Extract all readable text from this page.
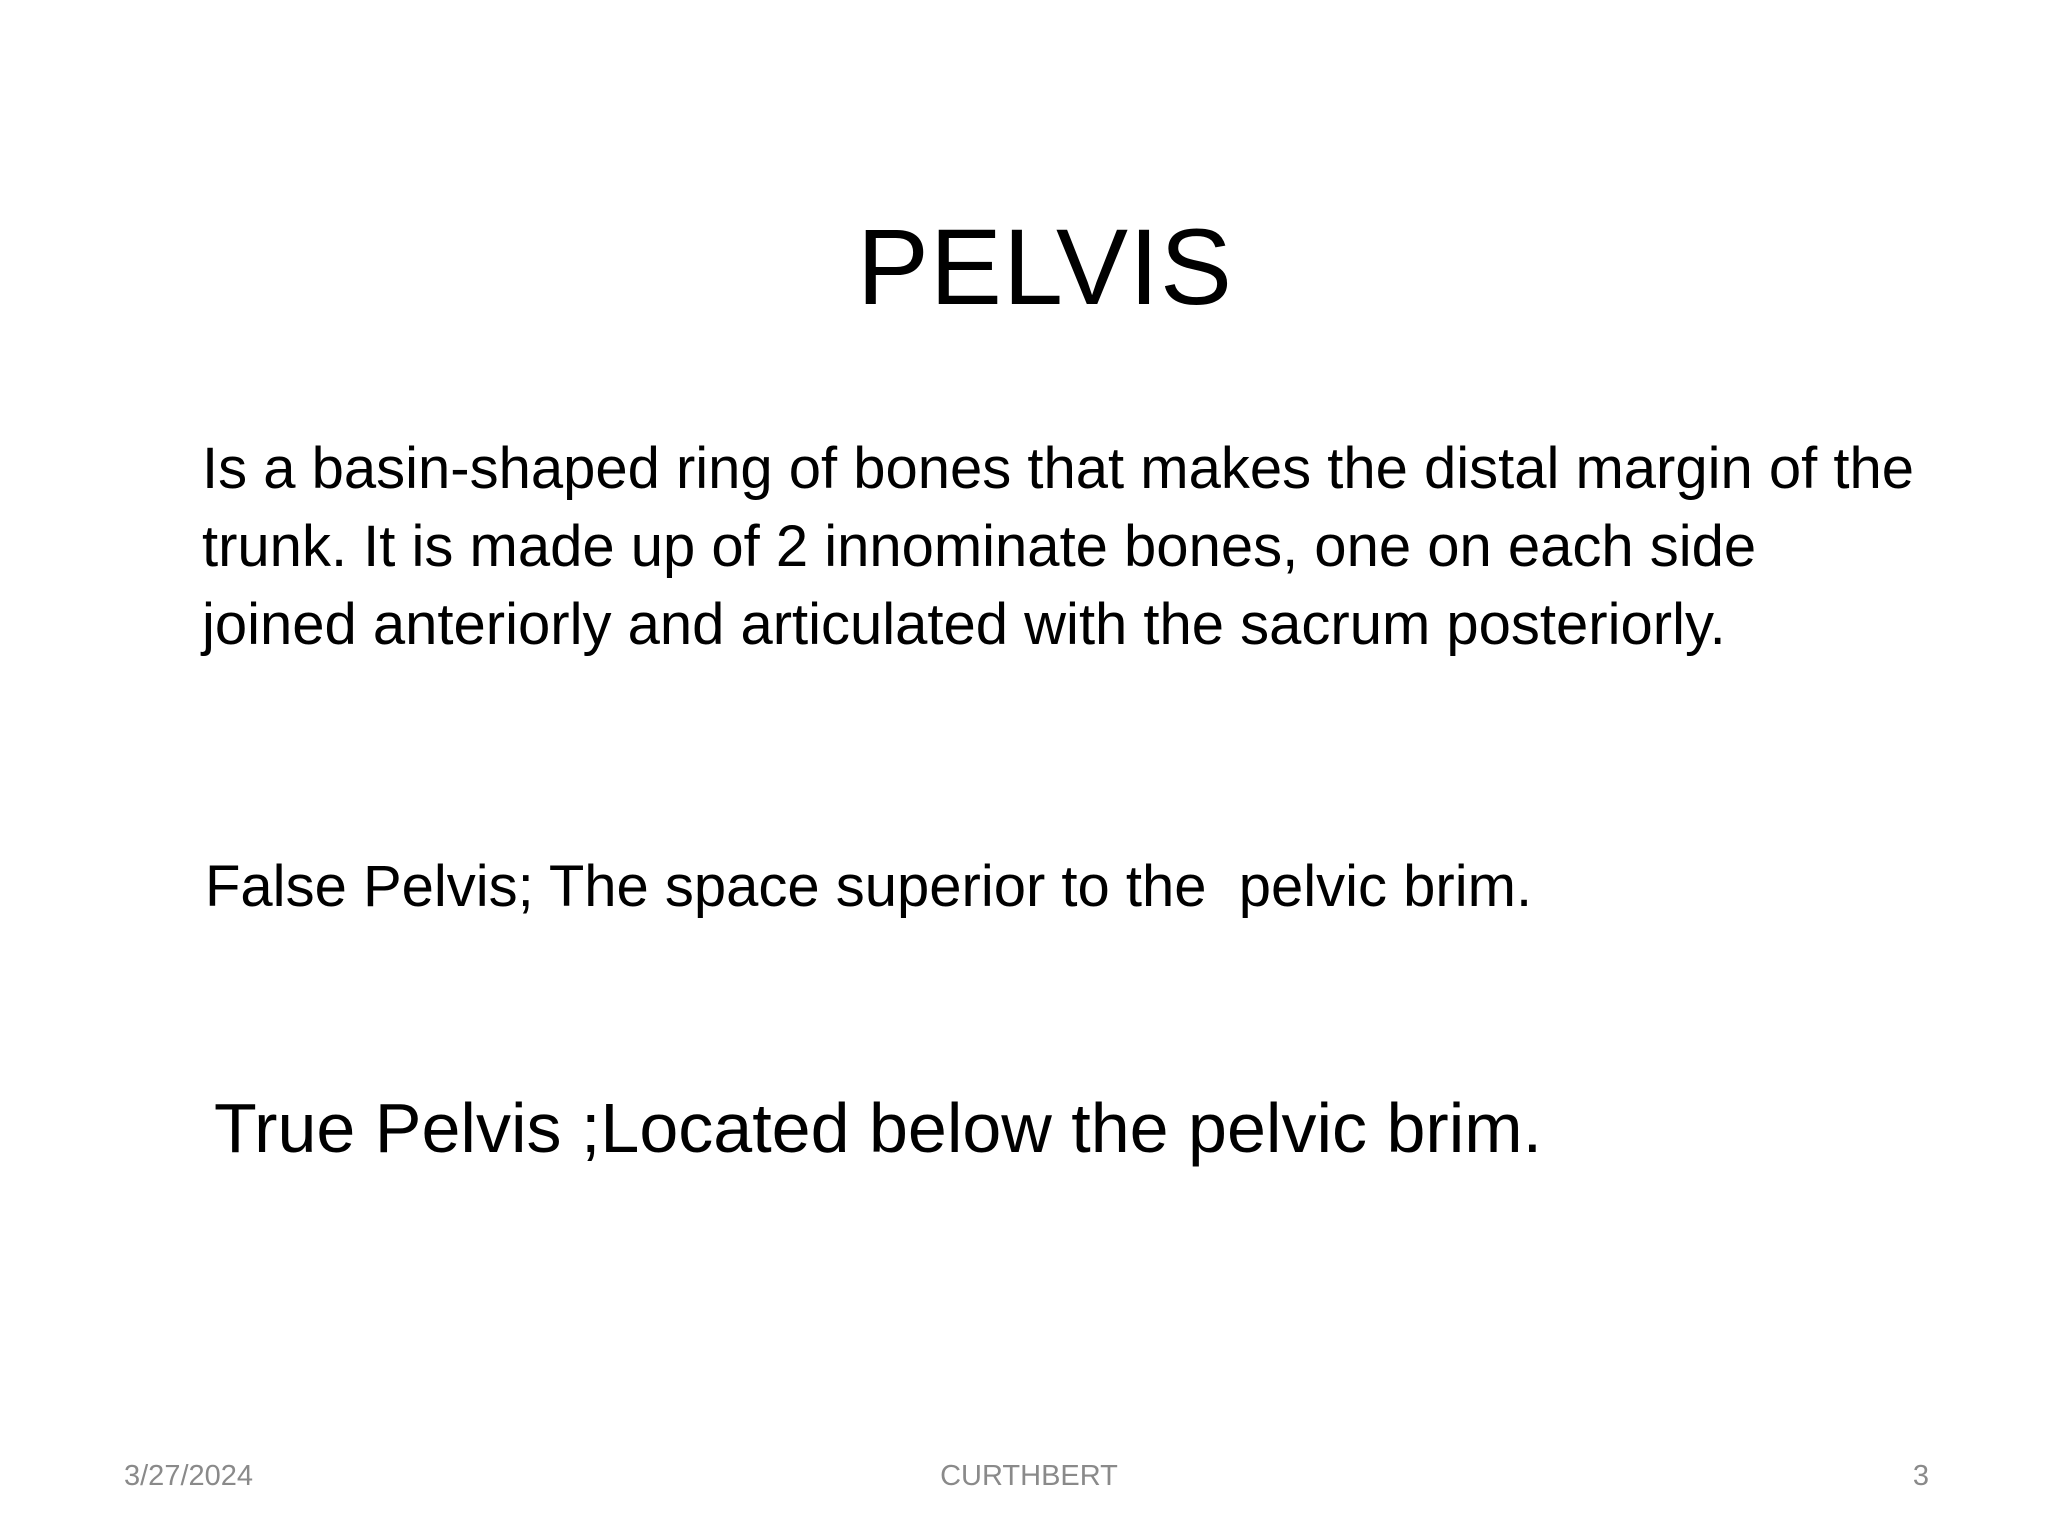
PELVIS

Is a basin-shaped ring of bones that makes the distal margin of the trunk. It is made up of 2 innominate bones, one on each side joined anteriorly and articulated with the sacrum posteriorly.

False Pelvis; The space superior to the  pelvic brim.

True Pelvis ;Located below the pelvic brim.

3/27/2024	CURTHBERT	3
